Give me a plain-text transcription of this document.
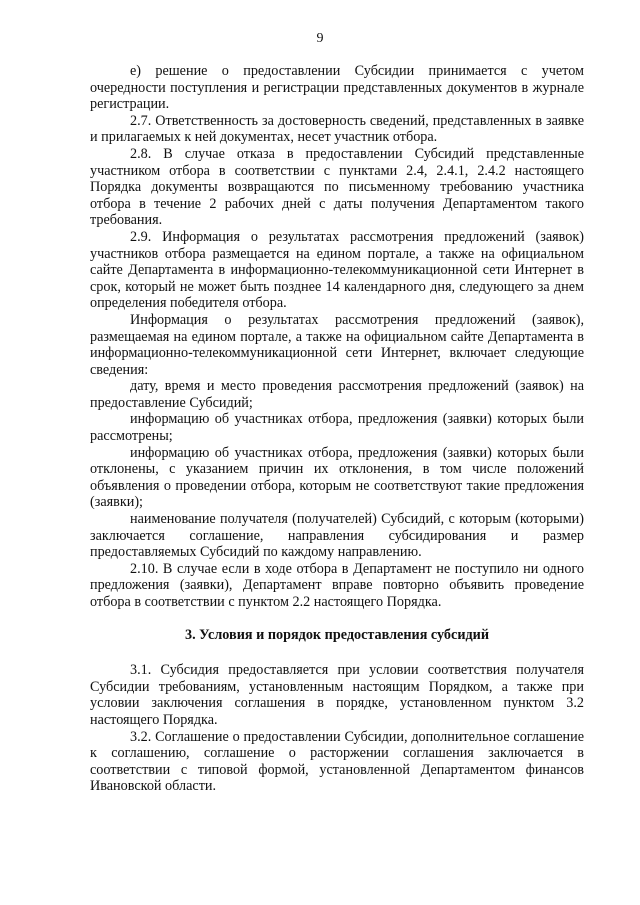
9

е) решение о предоставлении Субсидии принимается с учетом очередности поступления и регистрации представленных документов в журнале регистрации.

2.7. Ответственность за достоверность сведений, представленных в заявке и прилагаемых к ней документах, несет участник отбора.

2.8. В случае отказа в предоставлении Субсидий представленные участником отбора в соответствии с пунктами 2.4, 2.4.1, 2.4.2 настоящего Порядка документы возвращаются по письменному требованию участника отбора в течение 2 рабочих дней с даты получения Департаментом такого требования.

2.9. Информация о результатах рассмотрения предложений (заявок) участников отбора размещается на едином портале, а также на официальном сайте Департамента в информационно-телекоммуникационной сети Интернет в срок, который не может быть позднее 14 календарного дня, следующего за днем определения победителя отбора.

Информация о результатах рассмотрения предложений (заявок), размещаемая на едином портале, а также на официальном сайте Департамента в информационно-телекоммуникационной сети Интернет, включает следующие сведения:

дату, время и место проведения рассмотрения предложений (заявок) на предоставление Субсидий;

информацию об участниках отбора, предложения (заявки) которых были рассмотрены;

информацию об участниках отбора, предложения (заявки) которых были отклонены, с указанием причин их отклонения, в том числе положений объявления о проведении отбора, которым не соответствуют такие предложения (заявки);

наименование получателя (получателей) Субсидий, с которым (которыми) заключается соглашение, направления субсидирования и размер предоставляемых Субсидий по каждому направлению.

2.10. В случае если в ходе отбора в Департамент не поступило ни одного предложения (заявки), Департамент вправе повторно объявить проведение отбора в соответствии с пунктом 2.2 настоящего Порядка.

3. Условия и порядок предоставления субсидий

3.1. Субсидия предоставляется при условии соответствия получателя Субсидии требованиям, установленным настоящим Порядком, а также при условии заключения соглашения в порядке, установленном пунктом 3.2 настоящего Порядка.

3.2. Соглашение о предоставлении Субсидии, дополнительное соглашение к соглашению, соглашение о расторжении соглашения заключается в соответствии с типовой формой, установленной Департаментом финансов Ивановской области.
